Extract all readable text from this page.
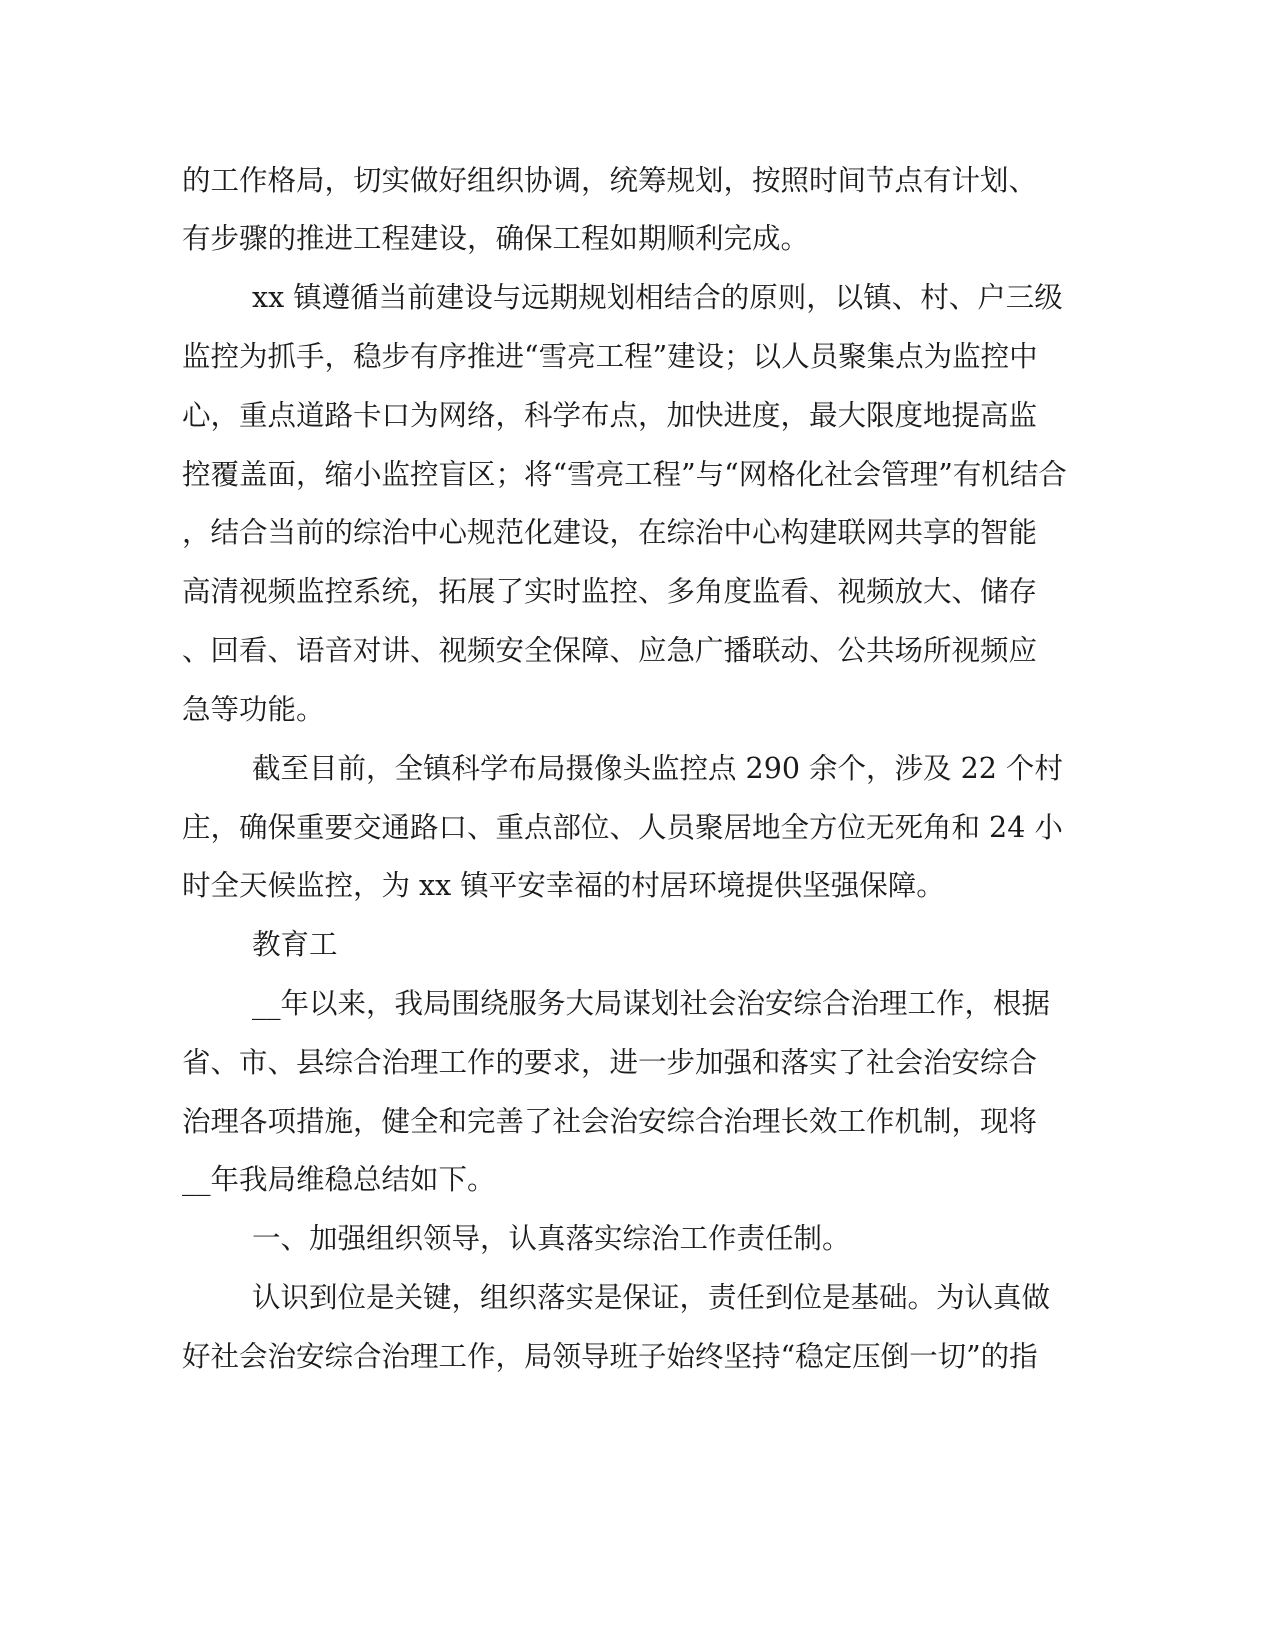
的工作格局，切实做好组织协调，统筹规划，按照时间节点有计划、
有步骤的推进工程建设，确保工程如期顺利完成。
xx 镇遵循当前建设与远期规划相结合的原则，以镇、村、户三级
监控为抓手，稳步有序推进“雪亮工程”建设；以人员聚集点为监控中
心，重点道路卡口为网络，科学布点，加快进度，最大限度地提高监
控覆盖面，缩小监控盲区；将“雪亮工程”与“网格化社会管理”有机结合
，结合当前的综治中心规范化建设，在综治中心构建联网共享的智能
高清视频监控系统，拓展了实时监控、多角度监看、视频放大、储存
、回看、语音对讲、视频安全保障、应急广播联动、公共场所视频应
急等功能。
截至目前，全镇科学布局摄像头监控点 290 余个，涉及 22 个村
庄，确保重要交通路口、重点部位、人员聚居地全方位无死角和 24 小
时全天候监控，为 xx 镇平安幸福的村居环境提供坚强保障。
教育工
__年以来，我局围绕服务大局谋划社会治安综合治理工作，根据
省、市、县综合治理工作的要求，进一步加强和落实了社会治安综合
治理各项措施，健全和完善了社会治安综合治理长效工作机制，现将
__年我局维稳总结如下。
一、加强组织领导，认真落实综治工作责任制。
认识到位是关键，组织落实是保证，责任到位是基础。为认真做
好社会治安综合治理工作，局领导班子始终坚持“稳定压倒一切”的指
